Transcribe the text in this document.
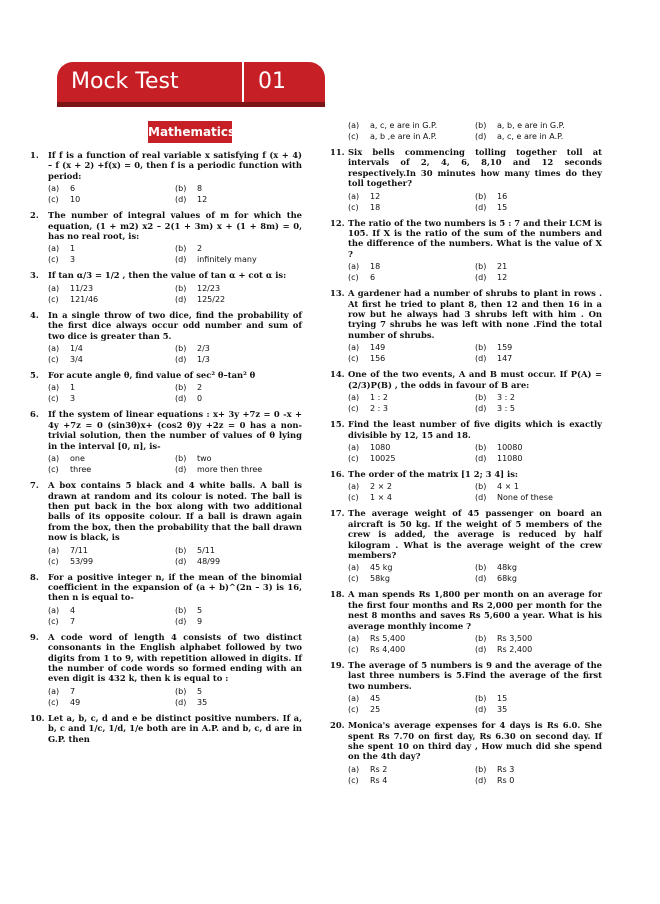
Mock Test	01
Mathematics
1.	If f is a function of real variable x satisfying f (x + 4) – f (x + 2) +f(x) = 0, then f is a periodic function with period:
(a)	6	(b)	8
(c)	10	(d)	12
2.	The number of integral values of m for which the equation, (1 + m2) x2 – 2(1 + 3m) x + (1 + 8m) = 0, has no real root, is:
(a)	1	(b)	2
(c)	3	(d)	infinitely many
3.	If tan α/3 = 1/2 , then the value of tan α + cot α is:
(a)	11/23	(b)	12/23
(c)	121/46	(d)	125/22
4.	In a single throw of two dice, find the probability of the first dice always occur odd number and sum of two dice is greater than 5.
(a)	1/4	(b)	2/3
(c)	3/4	(d)	1/3
5.	For acute angle θ, find value of sec² θ–tan² θ
(a)	1	(b)	2
(c)	3	(d)	0
6.	If the system of linear equations : x+ 3y +7z = 0 -x + 4y +7z = 0 (sin3θ)x+ (cos2 θ)y +2z = 0 has a non-trivial solution, then the number of values of θ lying in the interval [0, π], is-
(a)	one	(b)	two
(c)	three	(d)	more then three
7.	A box contains 5 black and 4 white balls. A ball is drawn at random and its colour is noted. The ball is then put back in the box along with two additional balls of its opposite colour. If a ball is drawn again from the box, then the probability that the ball drawn now is black, is
(a)	7/11	(b)	5/11
(c)	53/99	(d)	48/99
8.	For a positive integer n, if the mean of the binomial coefficient in the expansion of (a + b)^(2n – 3) is 16, then n is equal to-
(a)	4	(b)	5
(c)	7	(d)	9
9.	A code word of length 4 consists of two distinct consonants in the English alphabet followed by two digits from 1 to 9, with repetition allowed in digits. If the number of code words so formed ending with an even digit is 432 k, then k is equal to :
(a)	7	(b)	5
(c)	49	(d)	35
10. Let a, b, c, d and e be distinct positive numbers. If a, b, c and 1/c, 1/d, 1/e both are in A.P. and b, c, d are in G.P. then
(a)	a, c, e are in G.P.	(b)	a, b, e are in G.P.
(c)	a, b ,e are in A.P.	(d)	a, c, e are in A.P.
11. Six bells commencing tolling together toll at intervals of 2, 4, 6, 8,10 and 12 seconds respectively.In 30 minutes how many times do they toll together?
(a)	12	(b)	16
(c)	18	(d)	15
12. The ratio of the two numbers is 5 : 7 and their LCM is 105. If X is the ratio of the sum of the numbers and the difference of the numbers. What is the value of X ?
(a)	18	(b)	21
(c)	6	(d)	12
13. A gardener had a number of shrubs to plant in rows . At first he tried to plant 8, then 12 and then 16 in a row but he always had 3 shrubs left with him . On trying 7 shrubs he was left with none .Find the total number of shrubs.
(a)	149	(b)	159
(c)	156	(d)	147
14. One of the two events, A and B must occur. If P(A) = (2/3)P(B) , the odds in favour of B are:
(a)	1 : 2	(b)	3 : 2
(c)	2 : 3	(d)	3 : 5
15. Find the least number of five digits which is exactly divisible by 12, 15 and 18.
(a)	1080	(b)	10080
(c)	10025	(d)	11080
16. The order of the matrix [1 2; 3 4] is:
(a)	2 × 2	(b)	4 × 1
(c)	1 × 4	(d)	None of these
17. The average weight of 45 passenger on board an aircraft is 50 kg. If the weight of 5 members of the crew is added, the average is reduced by half kilogram . What is the average weight of the crew members?
(a)	45 kg	(b)	48kg
(c)	58kg	(d)	68kg
18. A man spends Rs 1,800 per month on an average for the first four months and Rs 2,000 per month for the nest 8 months and saves Rs 5,600 a year. What is his average monthly income ?
(a)	Rs 5,400	(b)	Rs 3,500
(c)	Rs 4,400	(d)	Rs 2,400
19. The average of 5 numbers is 9 and the average of the last three numbers is 5.Find the average of the first two numbers.
(a)	45	(b)	15
(c)	25	(d)	35
20. Monica's average expenses for 4 days is Rs 6.0. She spent Rs 7.70 on first day, Rs 6.30 on second day. If she spent 10 on third day , How much did she spend on the 4th day?
(a)	Rs 2	(b)	Rs 3
(c)	Rs 4	(d)	Rs 0
